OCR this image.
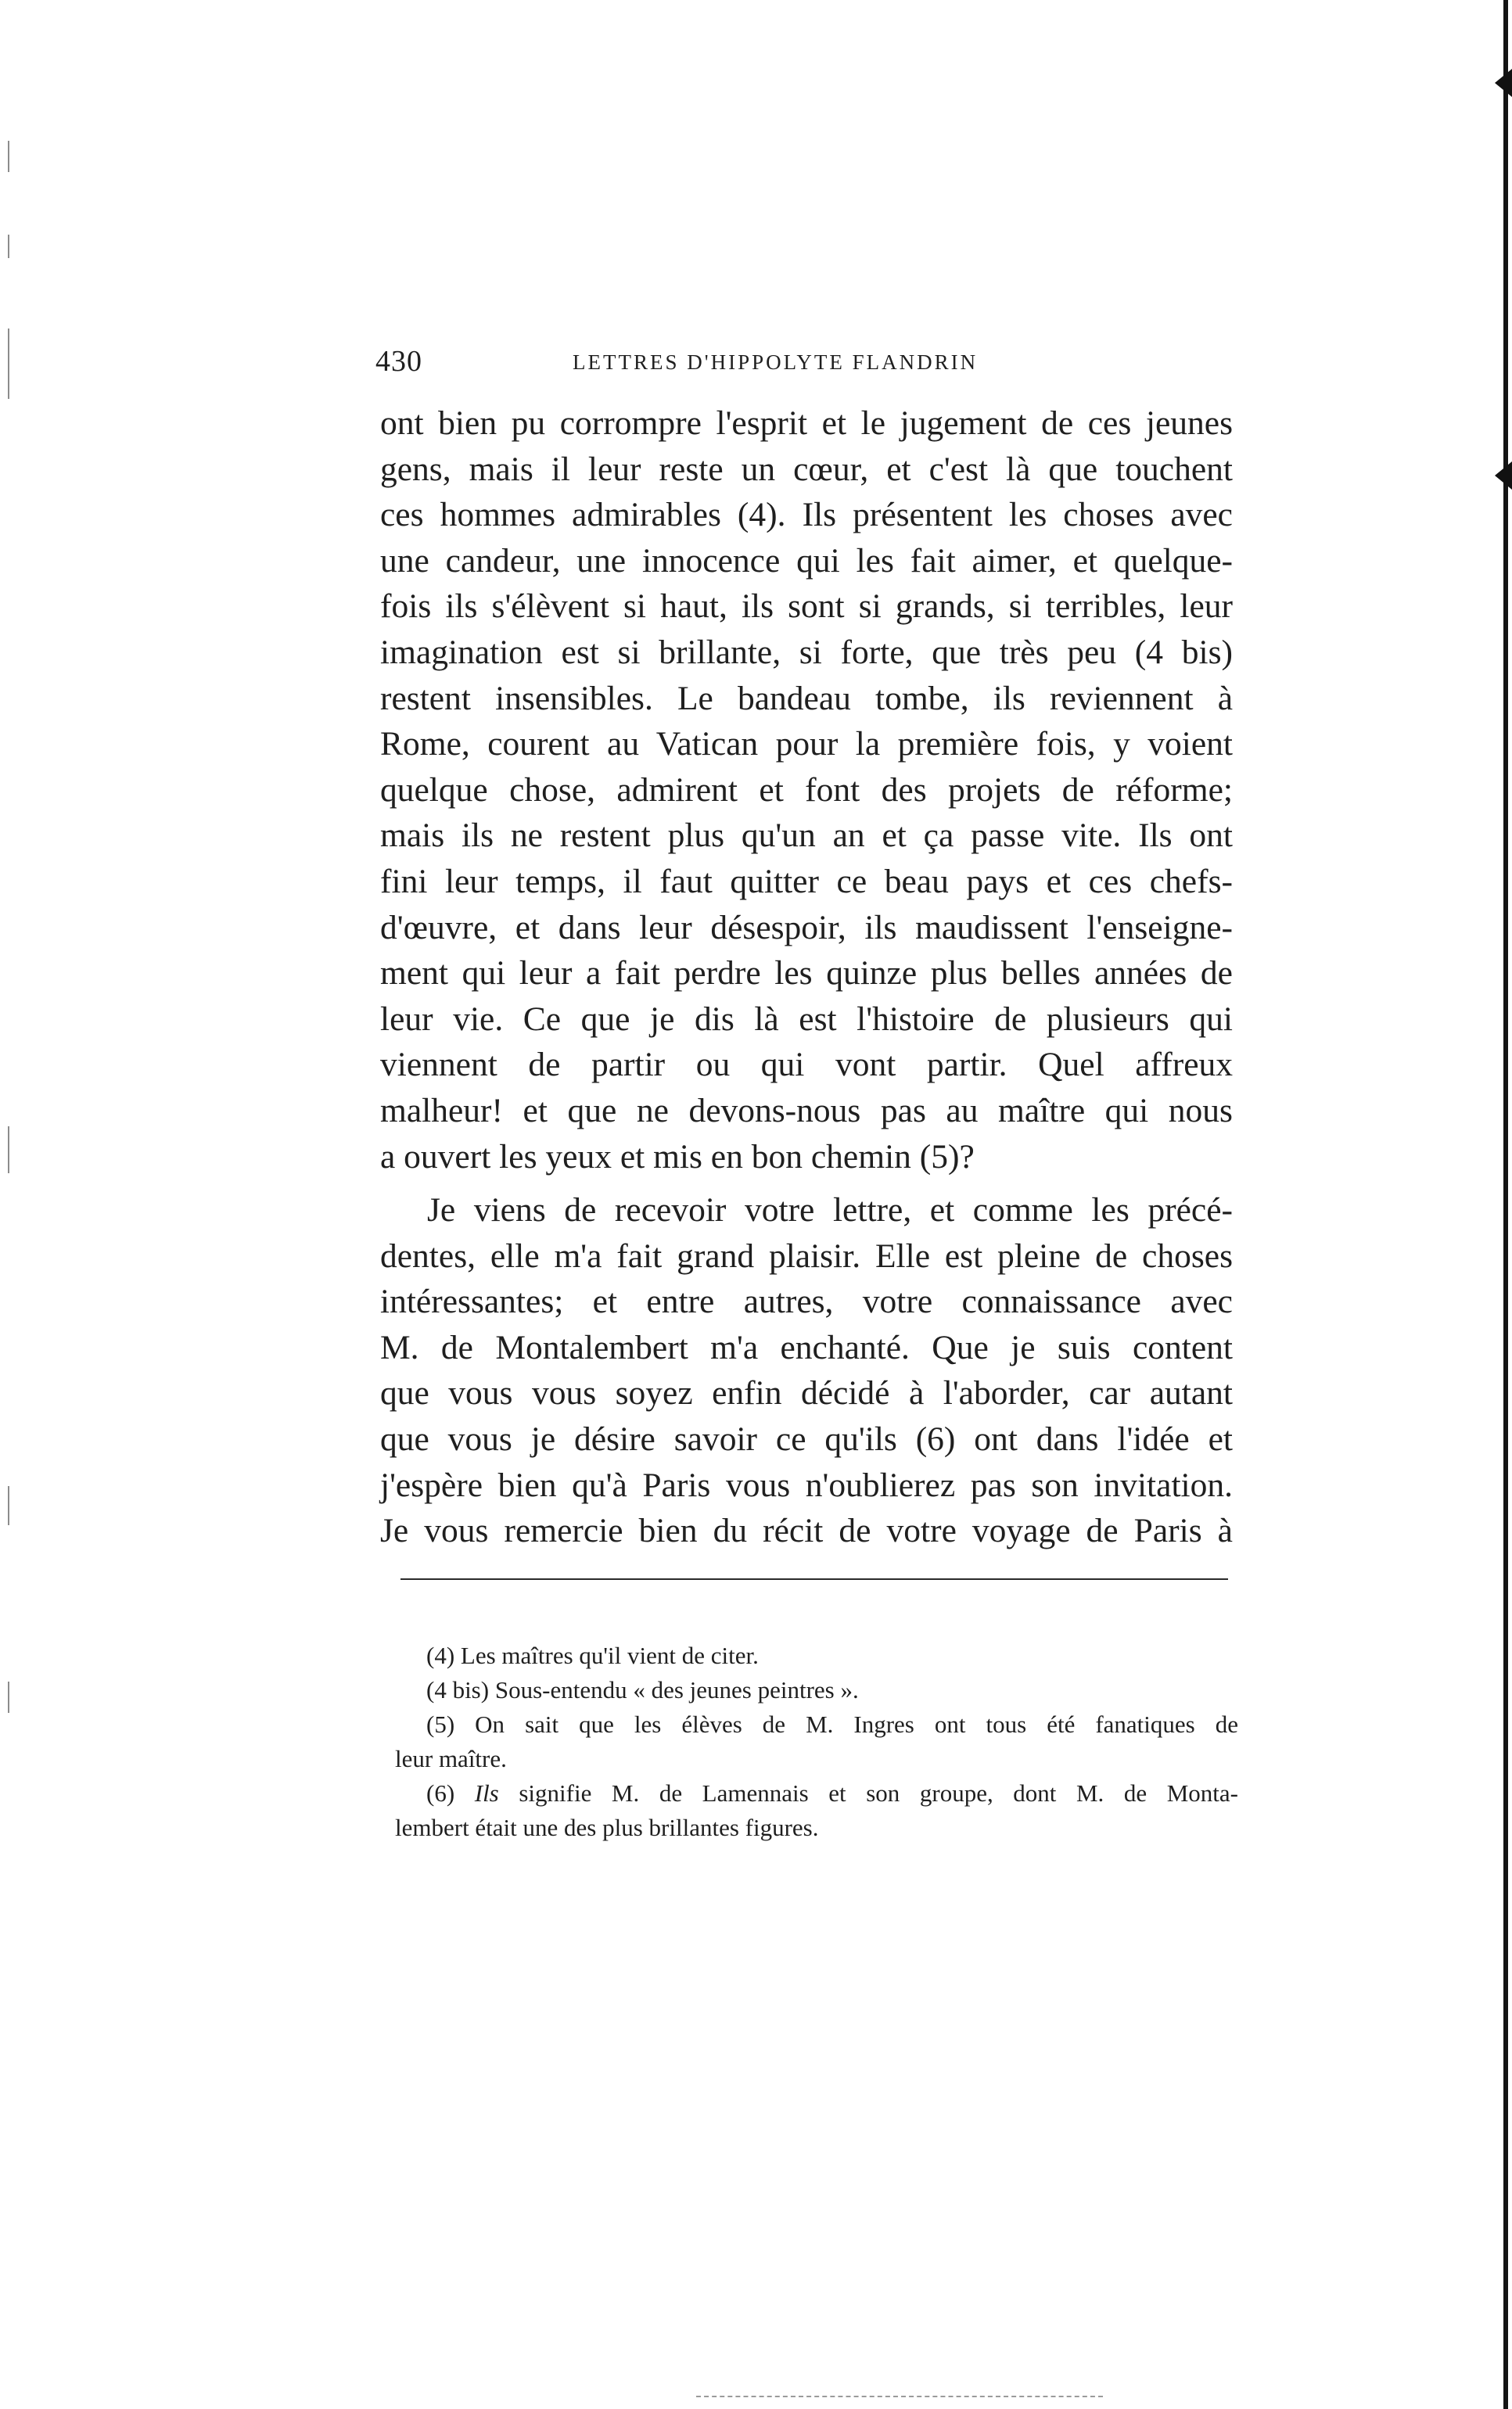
430	LETTRES D'HIPPOLYTE FLANDRIN
ont bien pu corrompre l'esprit et le jugement de ces jeunes
gens, mais il leur reste un cœur, et c'est là que touchent
ces hommes admirables (4). Ils présentent les choses avec
une candeur, une innocence qui les fait aimer, et quelque-
fois ils s'élèvent si haut, ils sont si grands, si terribles, leur
imagination est si brillante, si forte, que très peu (4 bis)
restent insensibles. Le bandeau tombe, ils reviennent à
Rome, courent au Vatican pour la première fois, y voient
quelque chose, admirent et font des projets de réforme;
mais ils ne restent plus qu'un an et ça passe vite. Ils ont
fini leur temps, il faut quitter ce beau pays et ces chefs-
d'œuvre, et dans leur désespoir, ils maudissent l'enseigne-
ment qui leur a fait perdre les quinze plus belles années de
leur vie. Ce que je dis là est l'histoire de plusieurs qui
viennent de partir ou qui vont partir. Quel affreux
malheur! et que ne devons-nous pas au maître qui nous
a ouvert les yeux et mis en bon chemin (5)?
Je viens de recevoir votre lettre, et comme les précé-
dentes, elle m'a fait grand plaisir. Elle est pleine de choses
intéressantes; et entre autres, votre connaissance avec
M. de Montalembert m'a enchanté. Que je suis content
que vous vous soyez enfin décidé à l'aborder, car autant
que vous je désire savoir ce qu'ils (6) ont dans l'idée et
j'espère bien qu'à Paris vous n'oublierez pas son invitation.
Je vous remercie bien du récit de votre voyage de Paris à
(4) Les maîtres qu'il vient de citer.
(4 bis) Sous-entendu « des jeunes peintres ».
(5) On sait que les élèves de M. Ingres ont tous été fanatiques de
leur maître.
(6) Ils signifie M. de Lamennais et son groupe, dont M. de Monta-
lembert était une des plus brillantes figures.
